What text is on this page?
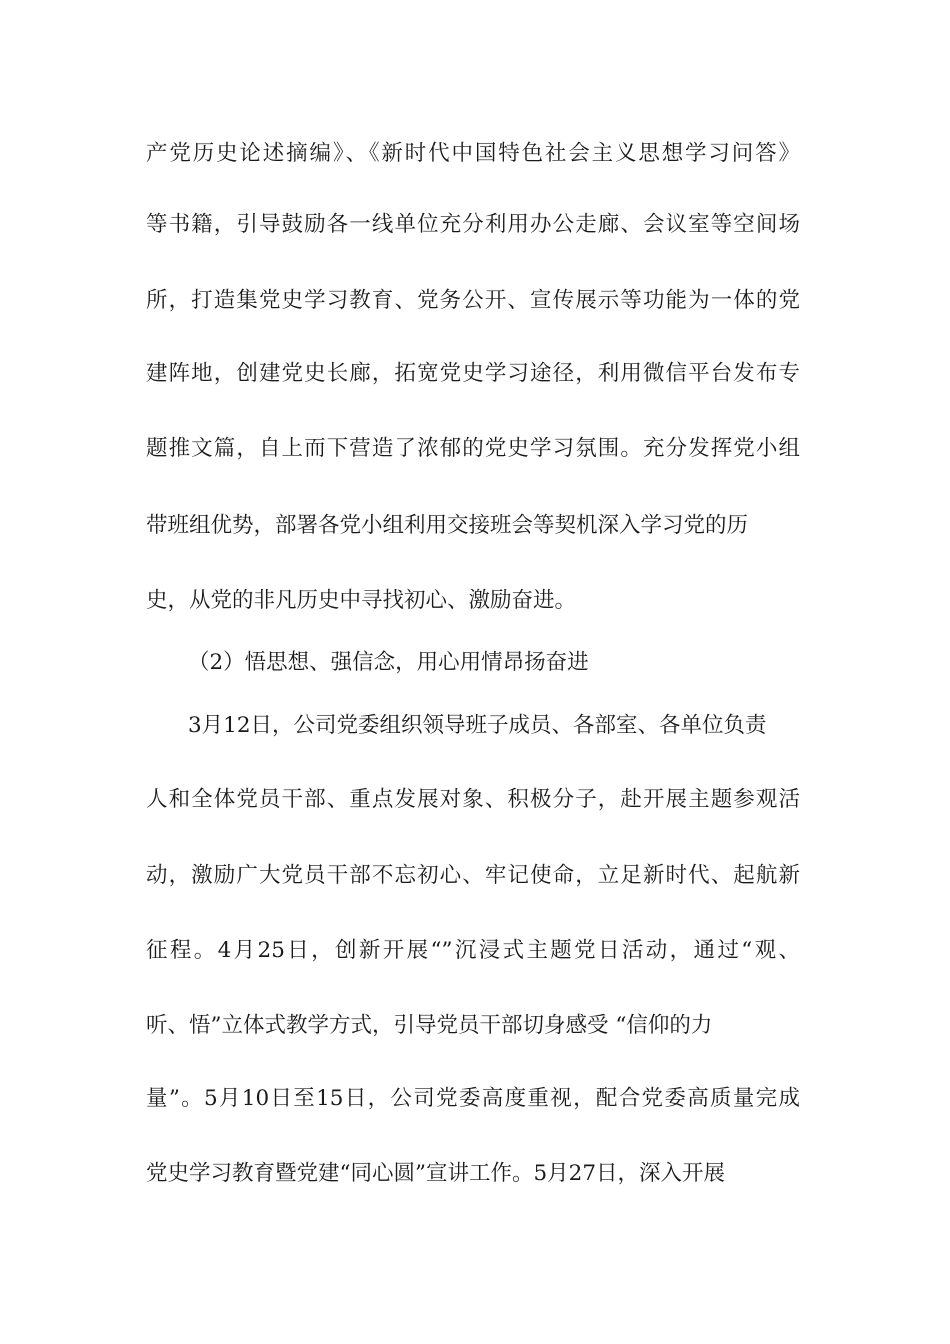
产党历史论述摘编》、《新时代中国特色社会主义思想学习问答》
等书籍，引导鼓励各一线单位充分利用办公走廊、会议室等空间场
所，打造集党史学习教育、党务公开、宣传展示等功能为一体的党
建阵地，创建党史长廊，拓宽党史学习途径，利用微信平台发布专
题推文篇，自上而下营造了浓郁的党史学习氛围。充分发挥党小组
带班组优势，部署各党小组利用交接班会等契机深入学习党的历
史，从党的非凡历史中寻找初心、激励奋进。
（2）悟思想、强信念，用心用情昂扬奋进
3月12日，公司党委组织领导班子成员、各部室、各单位负责
人和全体党员干部、重点发展对象、积极分子，赴开展主题参观活
动，激励广大党员干部不忘初心、牢记使命，立足新时代、起航新
征程。4月25日，创新开展“”沉浸式主题党日活动，通过“观、
听、悟”立体式教学方式，引导党员干部切身感受 “信仰的力
量”。5月10日至15日，公司党委高度重视，配合党委高质量完成
党史学习教育暨党建“同心圆”宣讲工作。5月27日，深入开展
